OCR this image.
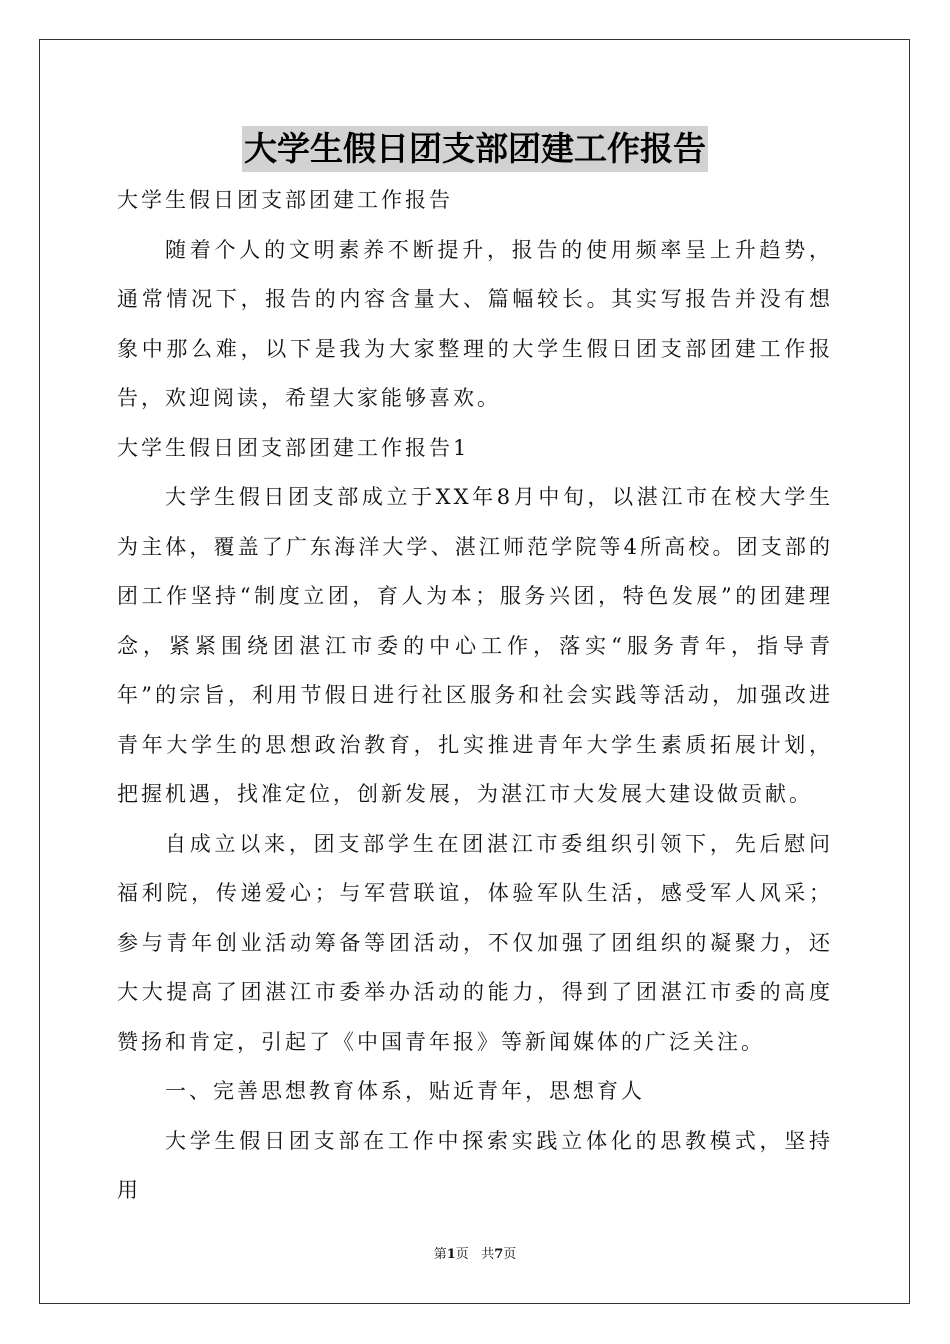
大学生假日团支部团建工作报告

大学生假日团支部团建工作报告

随着个人的文明素养不断提升，报告的使用频率呈上升趋势，通常情况下，报告的内容含量大、篇幅较长。其实写报告并没有想象中那么难，以下是我为大家整理的大学生假日团支部团建工作报告，欢迎阅读，希望大家能够喜欢。

大学生假日团支部团建工作报告1

大学生假日团支部成立于XX年8月中旬，以湛江市在校大学生为主体，覆盖了广东海洋大学、湛江师范学院等4所高校。团支部的团工作坚持“制度立团，育人为本；服务兴团，特色发展”的团建理念，紧紧围绕团湛江市委的中心工作，落实“服务青年，指导青年”的宗旨，利用节假日进行社区服务和社会实践等活动，加强改进青年大学生的思想政治教育，扎实推进青年大学生素质拓展计划，把握机遇，找准定位，创新发展，为湛江市大发展大建设做贡献。

自成立以来，团支部学生在团湛江市委组织引领下，先后慰问福利院，传递爱心；与军营联谊，体验军队生活，感受军人风采；参与青年创业活动筹备等团活动，不仅加强了团组织的凝聚力，还大大提高了团湛江市委举办活动的能力，得到了团湛江市委的高度赞扬和肯定，引起了《中国青年报》等新闻媒体的广泛关注。

一、完善思想教育体系，贴近青年，思想育人

大学生假日团支部在工作中探索实践立体化的思教模式，坚持用

第1页 共7页
